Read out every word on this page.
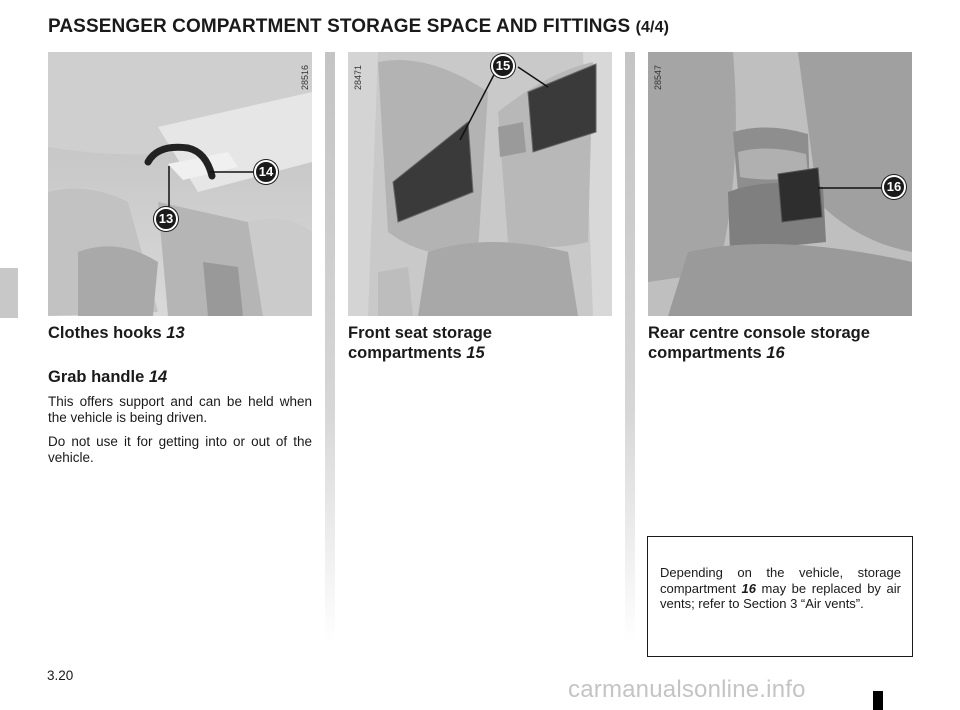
PASSENGER COMPARTMENT STORAGE SPACE AND FITTINGS (4/4)
14
13
28516	15
28471
16
28547
Clothes hooks 13
Grab handle 14
This offers support and can be held when the vehicle is being driven.
Do not use it for getting into or out of the vehicle.
Front seat storage
compartments 15
Rear centre console storage
compartments 16
Depending on the vehicle, storage compartment 16 may be replaced by air vents; refer to Section 3 “Air vents”.
3.20
carmanualsonline.info
